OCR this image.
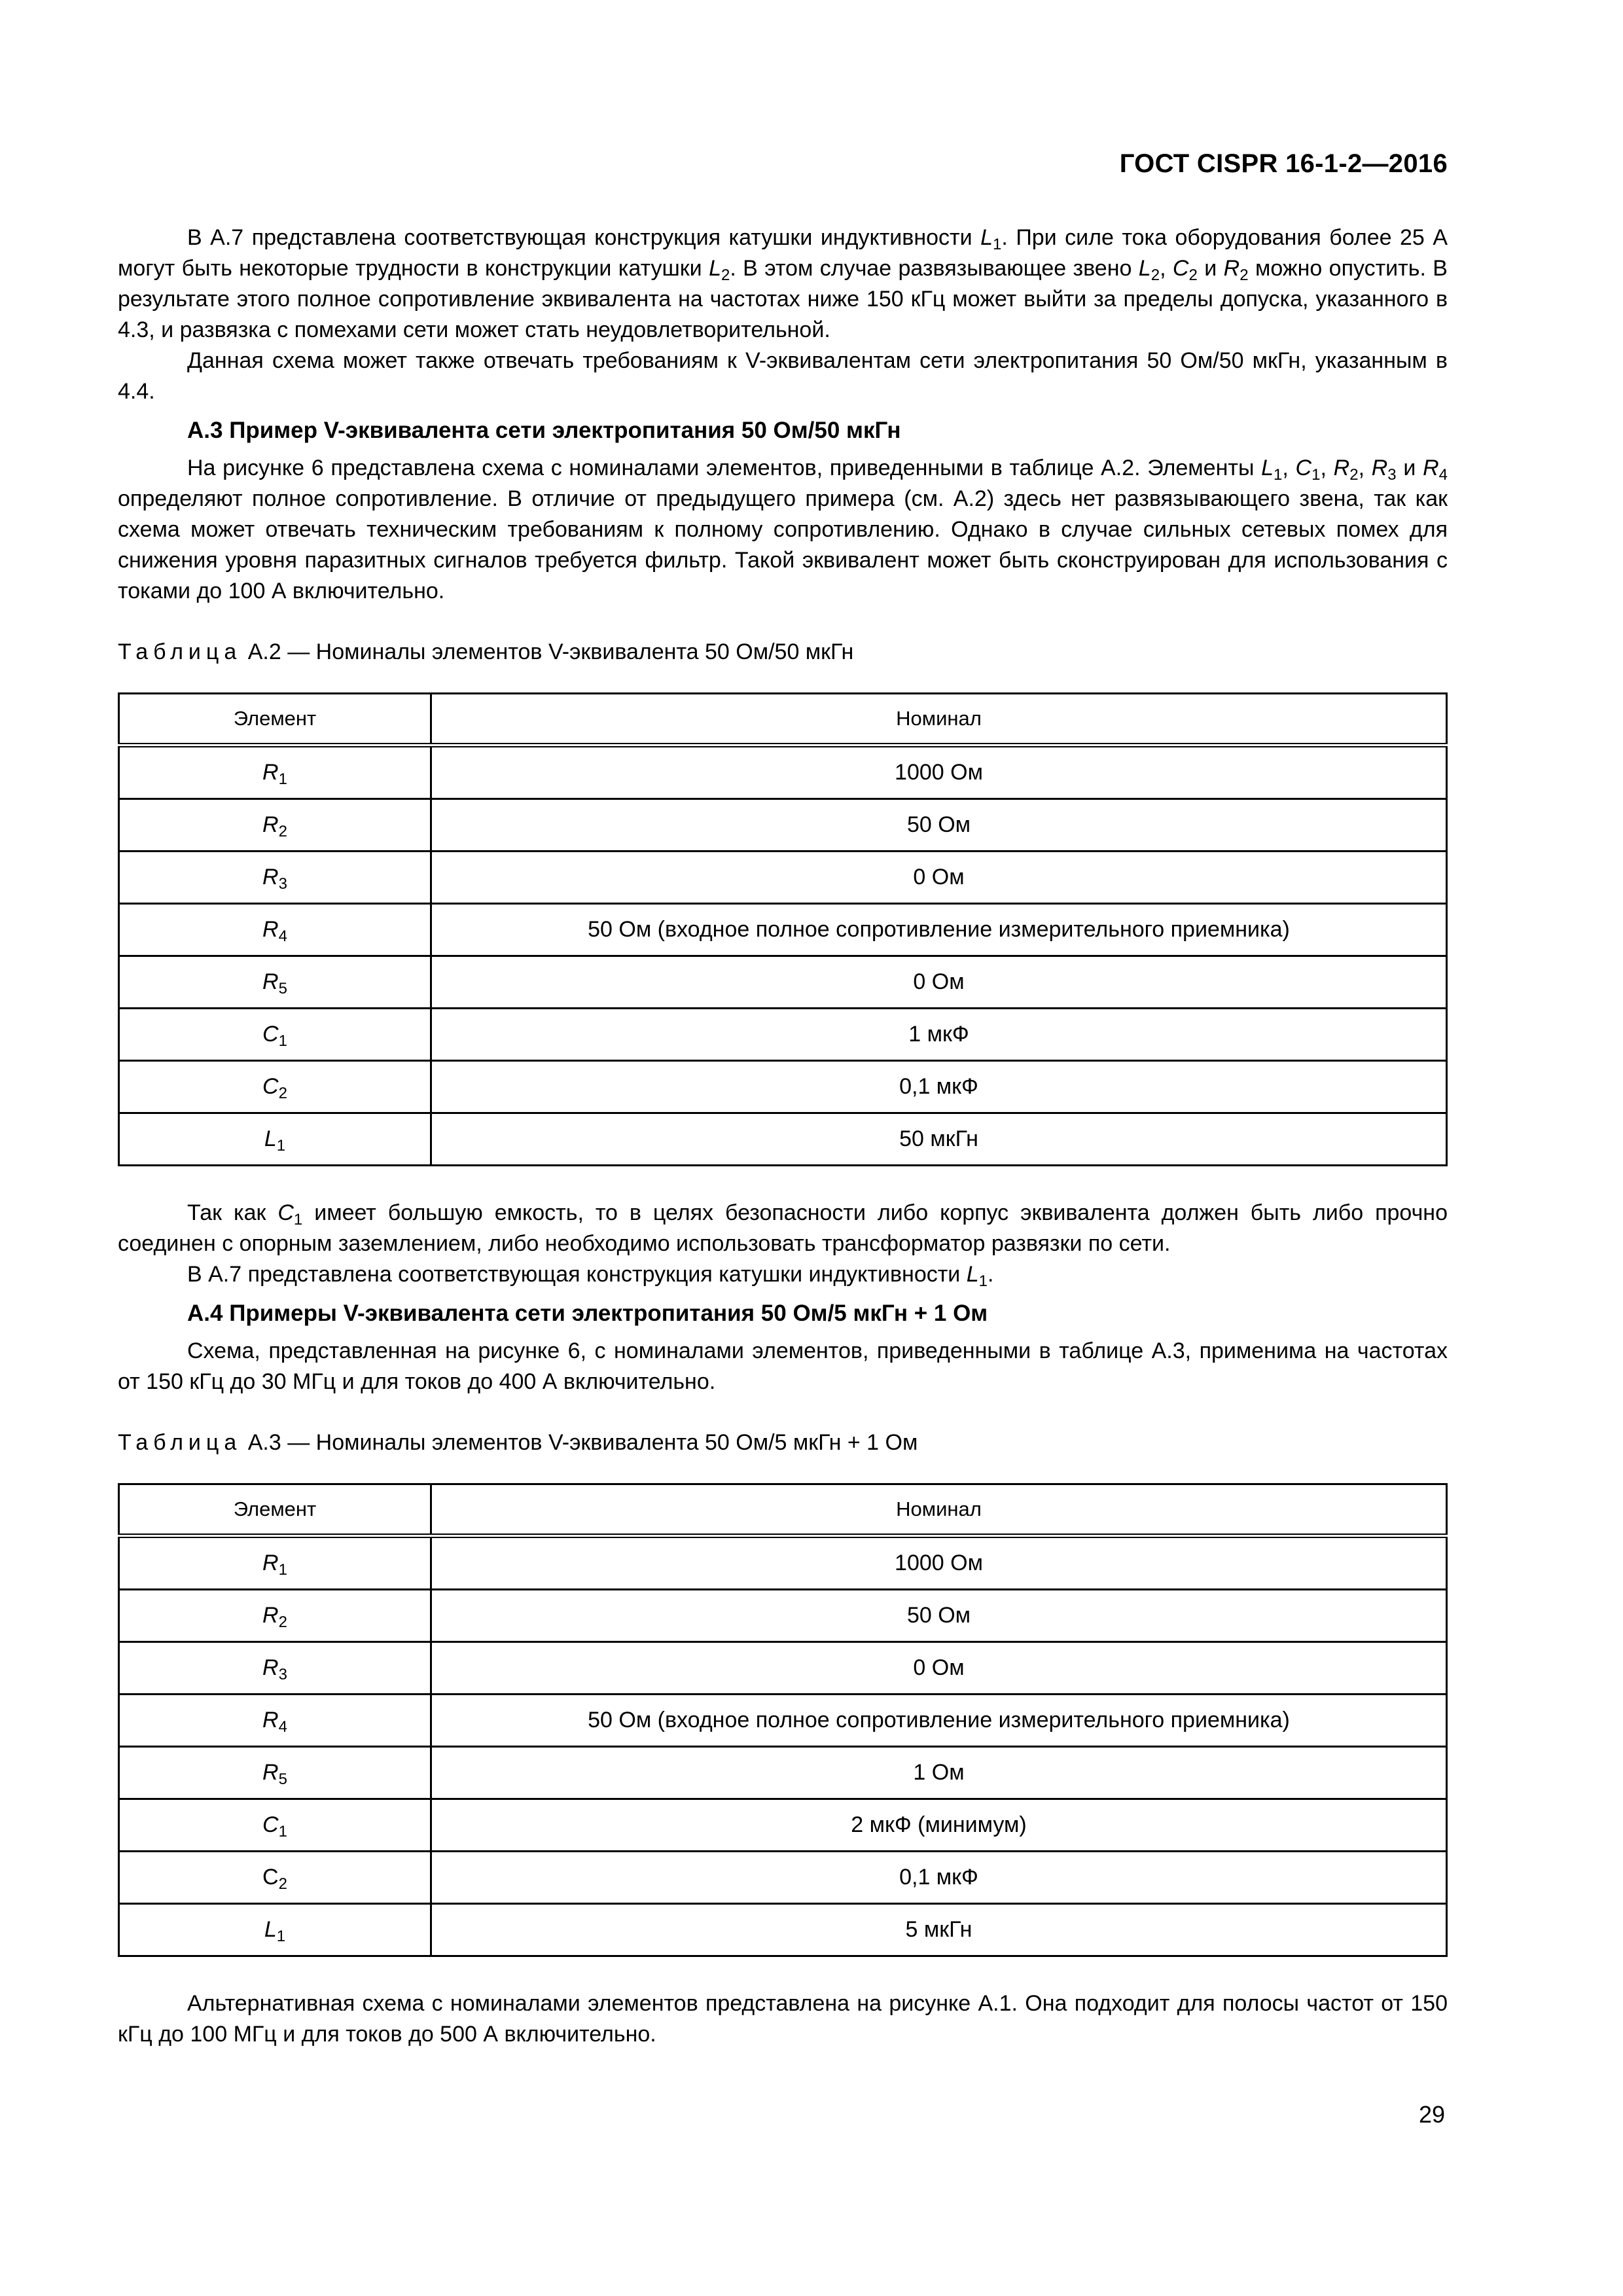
ГОСТ CISPR 16-1-2—2016

В А.7 представлена соответствующая конструкция катушки индуктивности $L_1$. При силе тока оборудования более 25 А могут быть некоторые трудности в конструкции катушки $L_2$. В этом случае развязывающее звено $L_2$, $C_2$ и $R_2$ можно опустить. В результате этого полное сопротивление эквивалента на частотах ниже 150 кГц может выйти за пределы допуска, указанного в 4.3, и развязка с помехами сети может стать неудовлетворительной.

Данная схема может также отвечать требованиям к V-эквивалентам сети электропитания 50 Ом/50 мкГн, указанным в 4.4.

А.3 Пример V-эквивалента сети электропитания 50 Ом/50 мкГн

На рисунке 6 представлена схема с номиналами элементов, приведенными в таблице А.2. Элементы $L_1$, $C_1$, $R_2$, $R_3$ и $R_4$ определяют полное сопротивление. В отличие от предыдущего примера (см. А.2) здесь нет развязывающего звена, так как схема может отвечать техническим требованиям к полному сопротивлению. Однако в случае сильных сетевых помех для снижения уровня паразитных сигналов требуется фильтр. Такой эквивалент может быть сконструирован для использования с токами до 100 А включительно.

Таблица А.2 — Номиналы элементов V-эквивалента 50 Ом/50 мкГн
Элемент	Номинал
$R_1$	1000 Ом
$R_2$	50 Ом
$R_3$	0 Ом
$R_4$	50 Ом (входное полное сопротивление измерительного приемника)
$R_5$	0 Ом
$C_1$	1 мкФ
$C_2$	0,1 мкФ
$L_1$	50 мкГн

Так как $C_1$ имеет большую емкость, то в целях безопасности либо корпус эквивалента должен быть либо прочно соединен с опорным заземлением, либо необходимо использовать трансформатор развязки по сети.

В А.7 представлена соответствующая конструкция катушки индуктивности $L_1$.

А.4 Примеры V-эквивалента сети электропитания 50 Ом/5 мкГн + 1 Ом

Схема, представленная на рисунке 6, с номиналами элементов, приведенными в таблице А.3, применима на частотах от 150 кГц до 30 МГц и для токов до 400 А включительно.

Таблица А.3 — Номиналы элементов V-эквивалента 50 Ом/5 мкГн + 1 Ом
Элемент	Номинал
$R_1$	1000 Ом
$R_2$	50 Ом
$R_3$	0 Ом
$R_4$	50 Ом (входное полное сопротивление измерительного приемника)
$R_5$	1 Ом
$C_1$	2 мкФ (минимум)
$C_2$	0,1 мкФ
$L_1$	5 мкГн

Альтернативная схема с номиналами элементов представлена на рисунке А.1. Она подходит для полосы частот от 150 кГц до 100 МГц и для токов до 500 А включительно.

29
